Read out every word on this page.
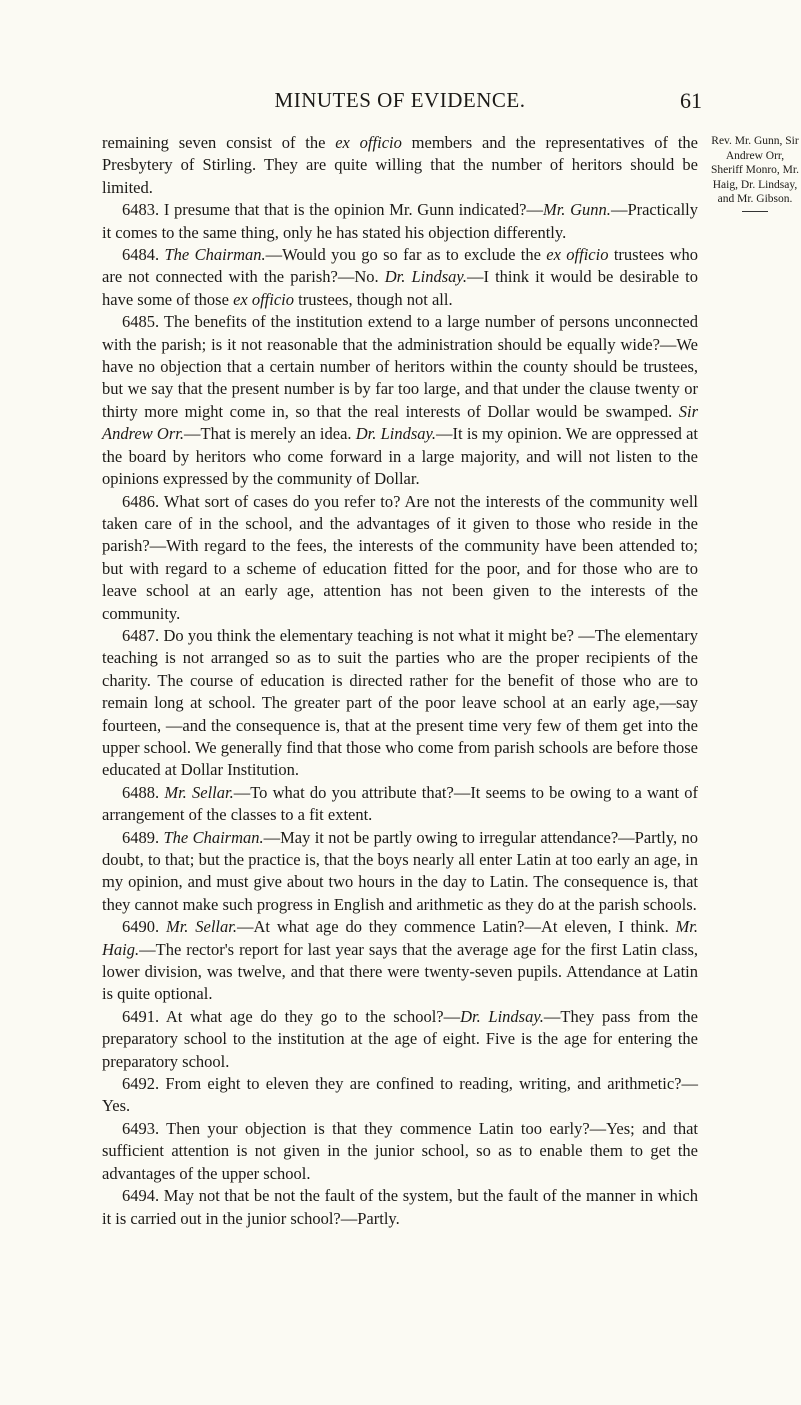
MINUTES OF EVIDENCE.	61

remaining seven consist of the ex officio members and the representatives of the Presbytery of Stirling. They are quite willing that the number of heritors should be limited.

6483. I presume that that is the opinion Mr. Gunn indicated?—Mr. Gunn.—Practically it comes to the same thing, only he has stated his objection differently.

6484. The Chairman.—Would you go so far as to exclude the ex officio trustees who are not connected with the parish?—No. Dr. Lindsay.—I think it would be desirable to have some of those ex officio trustees, though not all.

6485. The benefits of the institution extend to a large number of persons unconnected with the parish; is it not reasonable that the administration should be equally wide?—We have no objection that a certain number of heritors within the county should be trustees, but we say that the present number is by far too large, and that under the clause twenty or thirty more might come in, so that the real interests of Dollar would be swamped. Sir Andrew Orr.—That is merely an idea. Dr. Lindsay.—It is my opinion. We are oppressed at the board by heritors who come forward in a large majority, and will not listen to the opinions expressed by the community of Dollar.

6486. What sort of cases do you refer to? Are not the interests of the community well taken care of in the school, and the advantages of it given to those who reside in the parish?—With regard to the fees, the interests of the community have been attended to; but with regard to a scheme of education fitted for the poor, and for those who are to leave school at an early age, attention has not been given to the interests of the community.

6487. Do you think the elementary teaching is not what it might be? —The elementary teaching is not arranged so as to suit the parties who are the proper recipients of the charity. The course of education is directed rather for the benefit of those who are to remain long at school. The greater part of the poor leave school at an early age,—say fourteen, —and the consequence is, that at the present time very few of them get into the upper school. We generally find that those who come from parish schools are before those educated at Dollar Institution.

6488. Mr. Sellar.—To what do you attribute that?—It seems to be owing to a want of arrangement of the classes to a fit extent.

6489. The Chairman.—May it not be partly owing to irregular attendance?—Partly, no doubt, to that; but the practice is, that the boys nearly all enter Latin at too early an age, in my opinion, and must give about two hours in the day to Latin. The consequence is, that they cannot make such progress in English and arithmetic as they do at the parish schools.

6490. Mr. Sellar.—At what age do they commence Latin?—At eleven, I think. Mr. Haig.—The rector's report for last year says that the average age for the first Latin class, lower division, was twelve, and that there were twenty-seven pupils. Attendance at Latin is quite optional.

6491. At what age do they go to the school?—Dr. Lindsay.—They pass from the preparatory school to the institution at the age of eight. Five is the age for entering the preparatory school.

6492. From eight to eleven they are confined to reading, writing, and arithmetic?—Yes.

6493. Then your objection is that they commence Latin too early?—Yes; and that sufficient attention is not given in the junior school, so as to enable them to get the advantages of the upper school.

6494. May not that be not the fault of the system, but the fault of the manner in which it is carried out in the junior school?—Partly.

Rev. Mr. Gunn, Sir Andrew Orr, Sheriff Monro, Mr. Haig, Dr. Lindsay, and Mr. Gibson.
